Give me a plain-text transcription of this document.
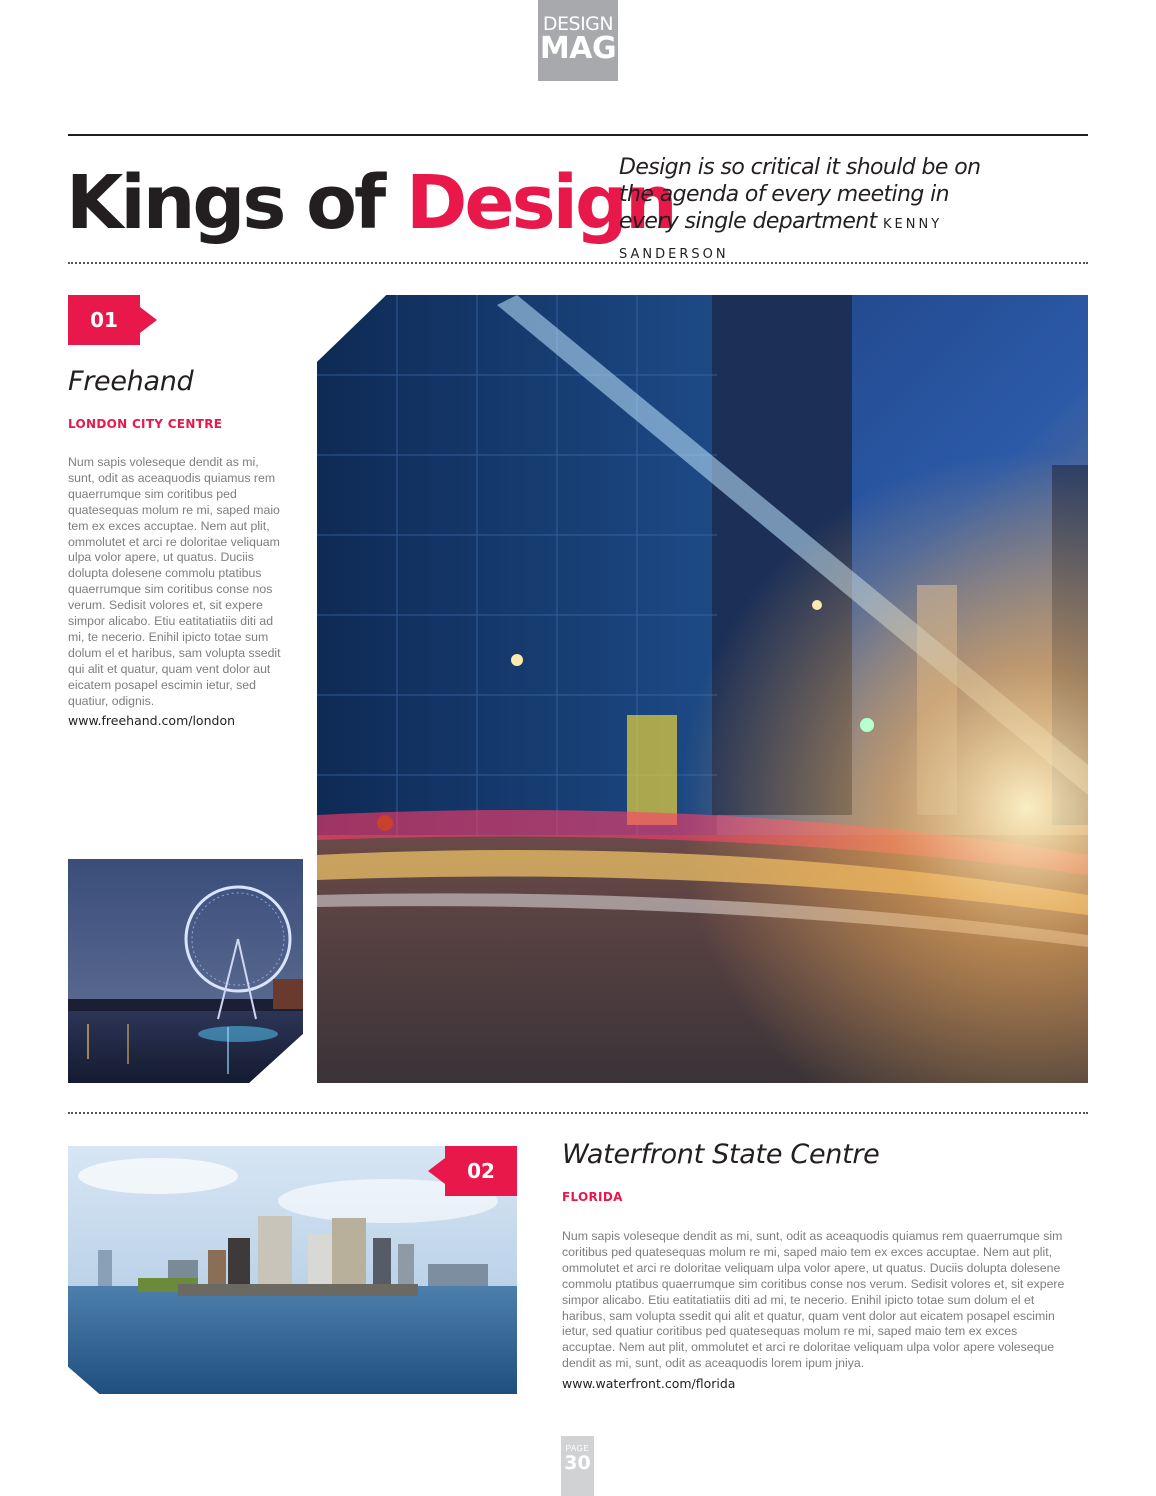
DESIGN
MAG
Kings of Design
Design is so critical it should be on the agenda of every meeting in every single department KENNY SANDERSON
01
Freehand
LONDON CITY CENTRE
Num sapis voleseque dendit as mi, sunt, odit as aceaquodis quiamus rem quaerrumque sim coritibus ped quatesequas molum re mi, saped maio tem ex exces accuptae. Nem aut plit, ommolutet et arci re doloritae veliquam ulpa volor apere, ut quatus. Duciis dolupta dolesene commolu ptatibus quaerrumque sim coritibus conse nos verum. Sedisit volores et, sit expere simpor alicabo. Etiu eatitatiatiis diti ad mi, te necerio. Enihil ipicto totae sum dolum el et haribus, sam volupta ssedit qui alit et quatur, quam vent dolor aut eicatem posapel escimin ietur, sed quatiur, odignis.
www.freehand.com/london
02
Waterfront State Centre
FLORIDA
Num sapis voleseque dendit as mi, sunt, odit as aceaquodis quiamus rem quaerrumque sim coritibus ped quatesequas molum re mi, saped maio tem ex exces accuptae. Nem aut plit, ommolutet et arci re doloritae veliquam ulpa volor apere, ut quatus. Duciis dolupta dolesene commolu ptatibus quaerrumque sim coritibus conse nos verum. Sedisit volores et, sit expere simpor alicabo. Etiu eatitatiatiis diti ad mi, te necerio. Enihil ipicto totae sum dolum el et haribus, sam volupta ssedit qui alit et quatur, quam vent dolor aut eicatem posapel escimin ietur, sed quatiur coritibus ped quatesequas molum re mi, saped maio tem ex exces accuptae. Nem aut plit, ommolutet et arci re doloritae veliquam ulpa volor apere voleseque dendit as mi, sunt, odit as aceaquodis lorem ipum jniya.
www.waterfront.com/florida
PAGE
30
